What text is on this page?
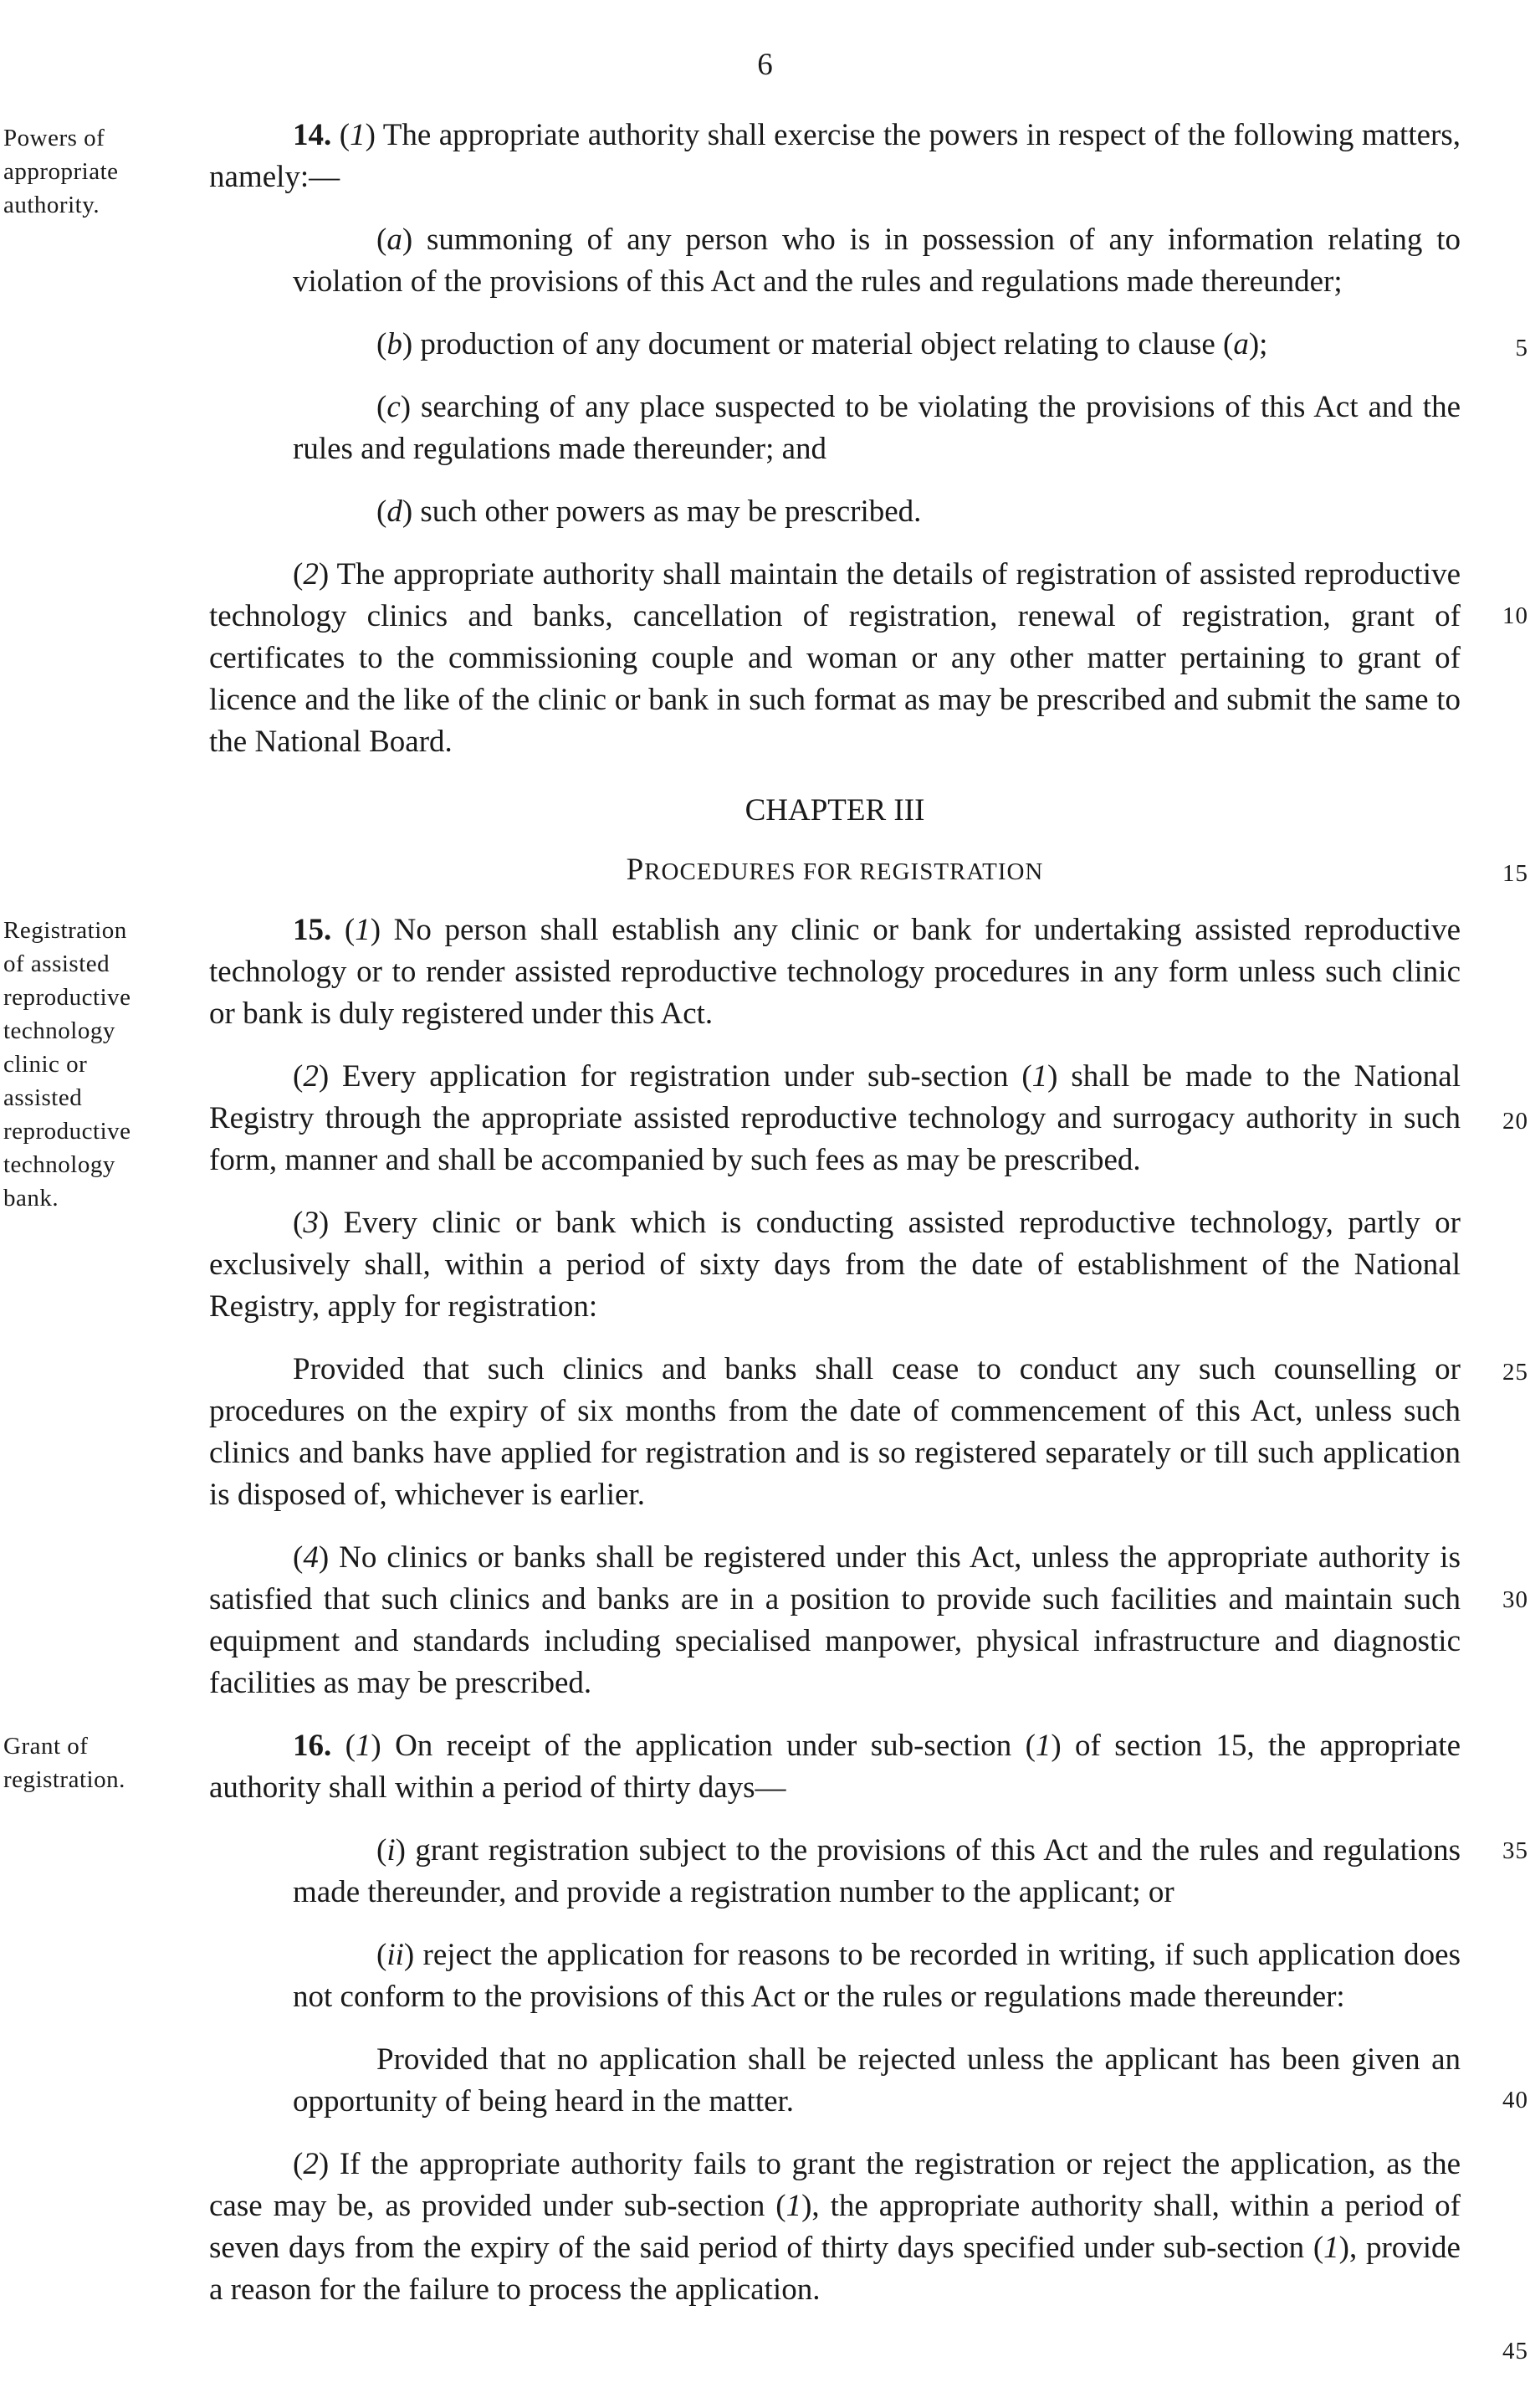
6
Powers of
appropriate
authority.
Registration
of assisted
reproductive
technology
clinic or
assisted
reproductive
technology
bank.
Grant of
registration.
5
10
15
20
25
30
35
40
45

14. (1) The appropriate authority shall exercise the powers in respect of the following matters, namely:—

(a) summoning of any person who is in possession of any information relating to violation of the provisions of this Act and the rules and regulations made thereunder;

(b) production of any document or material object relating to clause (a);

(c) searching of any place suspected to be violating the provisions of this Act and the rules and regulations made thereunder; and

(d) such other powers as may be prescribed.

(2) The appropriate authority shall maintain the details of registration of assisted reproductive technology clinics and banks, cancellation of registration, renewal of registration, grant of certificates to the commissioning couple and woman or any other matter pertaining to grant of licence and the like of the clinic or bank in such format as may be prescribed and submit the same to the National Board.

CHAPTER III
PROCEDURES FOR REGISTRATION

15. (1) No person shall establish any clinic or bank for undertaking assisted reproductive technology or to render assisted reproductive technology procedures in any form unless such clinic or bank is duly registered under this Act.

(2) Every application for registration under sub-section (1) shall be made to the National Registry through the appropriate assisted reproductive technology and surrogacy authority in such form, manner and shall be accompanied by such fees as may be prescribed.

(3) Every clinic or bank which is conducting assisted reproductive technology, partly or exclusively shall, within a period of sixty days from the date of establishment of the National Registry, apply for registration:

Provided that such clinics and banks shall cease to conduct any such counselling or procedures on the expiry of six months from the date of commencement of this Act, unless such clinics and banks have applied for registration and is so registered separately or till such application is disposed of, whichever is earlier.

(4) No clinics or banks shall be registered under this Act, unless the appropriate authority is satisfied that such clinics and banks are in a position to provide such facilities and maintain such equipment and standards including specialised manpower, physical infrastructure and diagnostic facilities as may be prescribed.

16. (1) On receipt of the application under sub-section (1) of section 15, the appropriate authority shall within a period of thirty days—

(i) grant registration subject to the provisions of this Act and the rules and regulations made thereunder, and provide a registration number to the applicant; or

(ii) reject the application for reasons to be recorded in writing, if such application does not conform to the provisions of this Act or the rules or regulations made thereunder:

Provided that no application shall be rejected unless the applicant has been given an opportunity of being heard in the matter.

(2) If the appropriate authority fails to grant the registration or reject the application, as the case may be, as provided under sub-section (1), the appropriate authority shall, within a period of seven days from the expiry of the said period of thirty days specified under sub-section (1), provide a reason for the failure to process the application.
